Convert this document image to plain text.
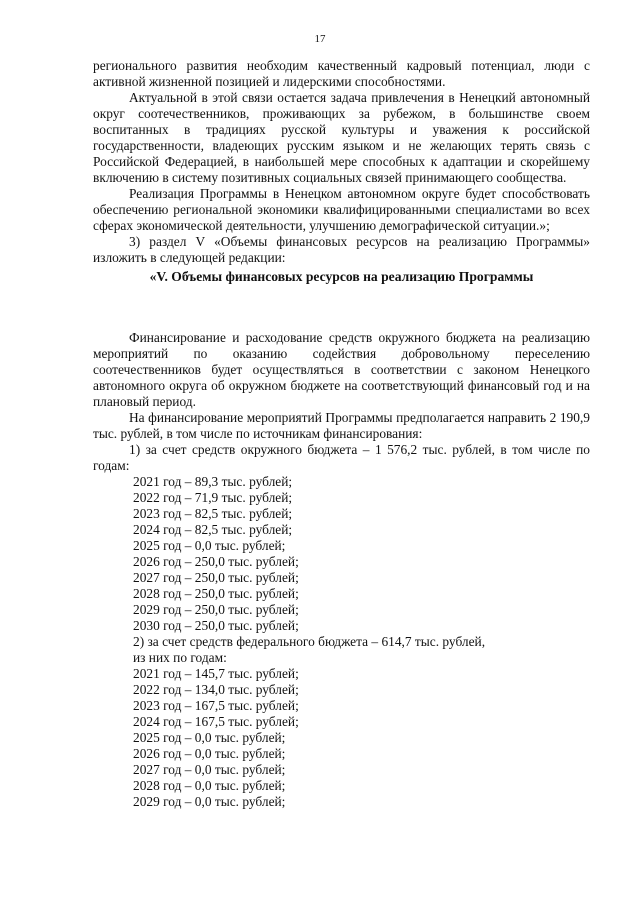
17

регионального развития необходим качественный кадровый потенциал, люди с активной жизненной позицией и лидерскими способностями.

Актуальной в этой связи остается задача привлечения в Ненецкий автономный округ соотечественников, проживающих за рубежом, в большинстве своем воспитанных в традициях русской культуры и уважения к российской государственности, владеющих русским языком и не желающих терять связь с Российской Федерацией, в наибольшей мере способных к адаптации и скорейшему включению в систему позитивных социальных связей принимающего сообщества.

Реализация Программы в Ненецком автономном округе будет способствовать обеспечению региональной экономики квалифицированными специалистами во всех сферах экономической деятельности, улучшению демографической ситуации.»;

3) раздел V «Объемы финансовых ресурсов на реализацию Программы» изложить в следующей редакции:

«V. Объемы финансовых ресурсов на реализацию Программы

Финансирование и расходование средств окружного бюджета на реализацию мероприятий по оказанию содействия добровольному переселению соотечественников будет осуществляться в соответствии с законом Ненецкого автономного округа об окружном бюджете на соответствующий финансовый год и на плановый период.

На финансирование мероприятий Программы предполагается направить 2 190,9 тыс. рублей, в том числе по источникам финансирования:

1) за счет средств окружного бюджета – 1 576,2 тыс. рублей, в том числе по годам:

2021 год – 89,3 тыс. рублей;

2022 год – 71,9 тыс. рублей;

2023 год – 82,5 тыс. рублей;

2024 год – 82,5 тыс. рублей;

2025 год – 0,0 тыс. рублей;

2026 год – 250,0 тыс. рублей;

2027 год – 250,0 тыс. рублей;

2028 год – 250,0 тыс. рублей;

2029 год – 250,0 тыс. рублей;

2030 год – 250,0 тыс. рублей;

2) за счет средств федерального бюджета – 614,7 тыс. рублей,

из них по годам:

2021 год – 145,7 тыс. рублей;

2022 год – 134,0 тыс. рублей;

2023 год – 167,5 тыс. рублей;

2024 год – 167,5 тыс. рублей;

2025 год – 0,0 тыс. рублей;

2026 год – 0,0 тыс. рублей;

2027 год – 0,0 тыс. рублей;

2028 год – 0,0 тыс. рублей;

2029 год – 0,0 тыс. рублей;
